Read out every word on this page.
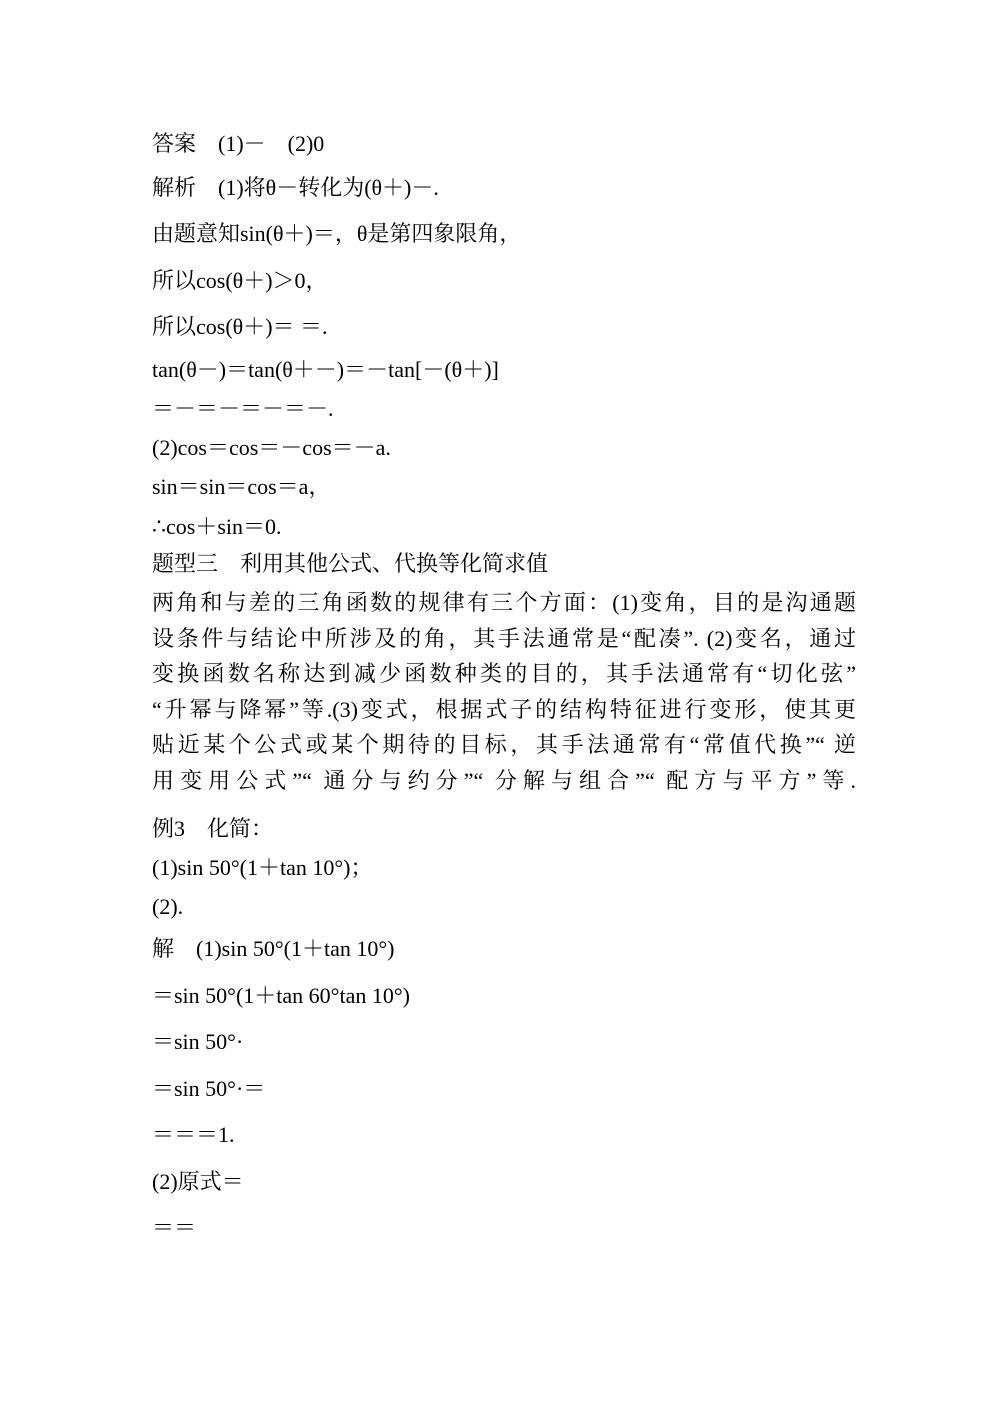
答案　(1)－　(2)0
解析　(1)将θ－转化为(θ＋)－.
由题意知sin(θ＋)＝，θ是第四象限角，
所以cos(θ＋)＞0，
所以cos(θ＋)＝ ＝.
tan(θ－)＝tan(θ＋－)＝－tan[－(θ＋)]
＝－＝－＝－＝－.
(2)cos＝cos＝－cos＝－a.
sin＝sin＝cos＝a，
∴cos＋sin＝0.
题型三　利用其他公式、代换等化简求值
两角和与差的三角函数的规律有三个方面：(1)变角，目的是沟通题
设条件与结论中所涉及的角，其手法通常是“配凑”. (2)变名，通过
变换函数名称达到减少函数种类的目的，其手法通常有“切化弦”
“升幂与降幂”等.(3)变式，根据式子的结构特征进行变形，使其更
贴近某个公式或某个期待的目标，其手法通常有“常值代换”“ 逆
用变用公式”“ 通分与约分”“ 分解与组合”“ 配方与平方”等.
例3　化简：
(1)sin 50°(1＋tan 10°)；
(2).
解　(1)sin 50°(1＋tan 10°)
＝sin 50°(1＋tan 60°tan 10°)
＝sin 50°·
＝sin 50°·＝
＝＝＝1.
(2)原式＝
＝＝
